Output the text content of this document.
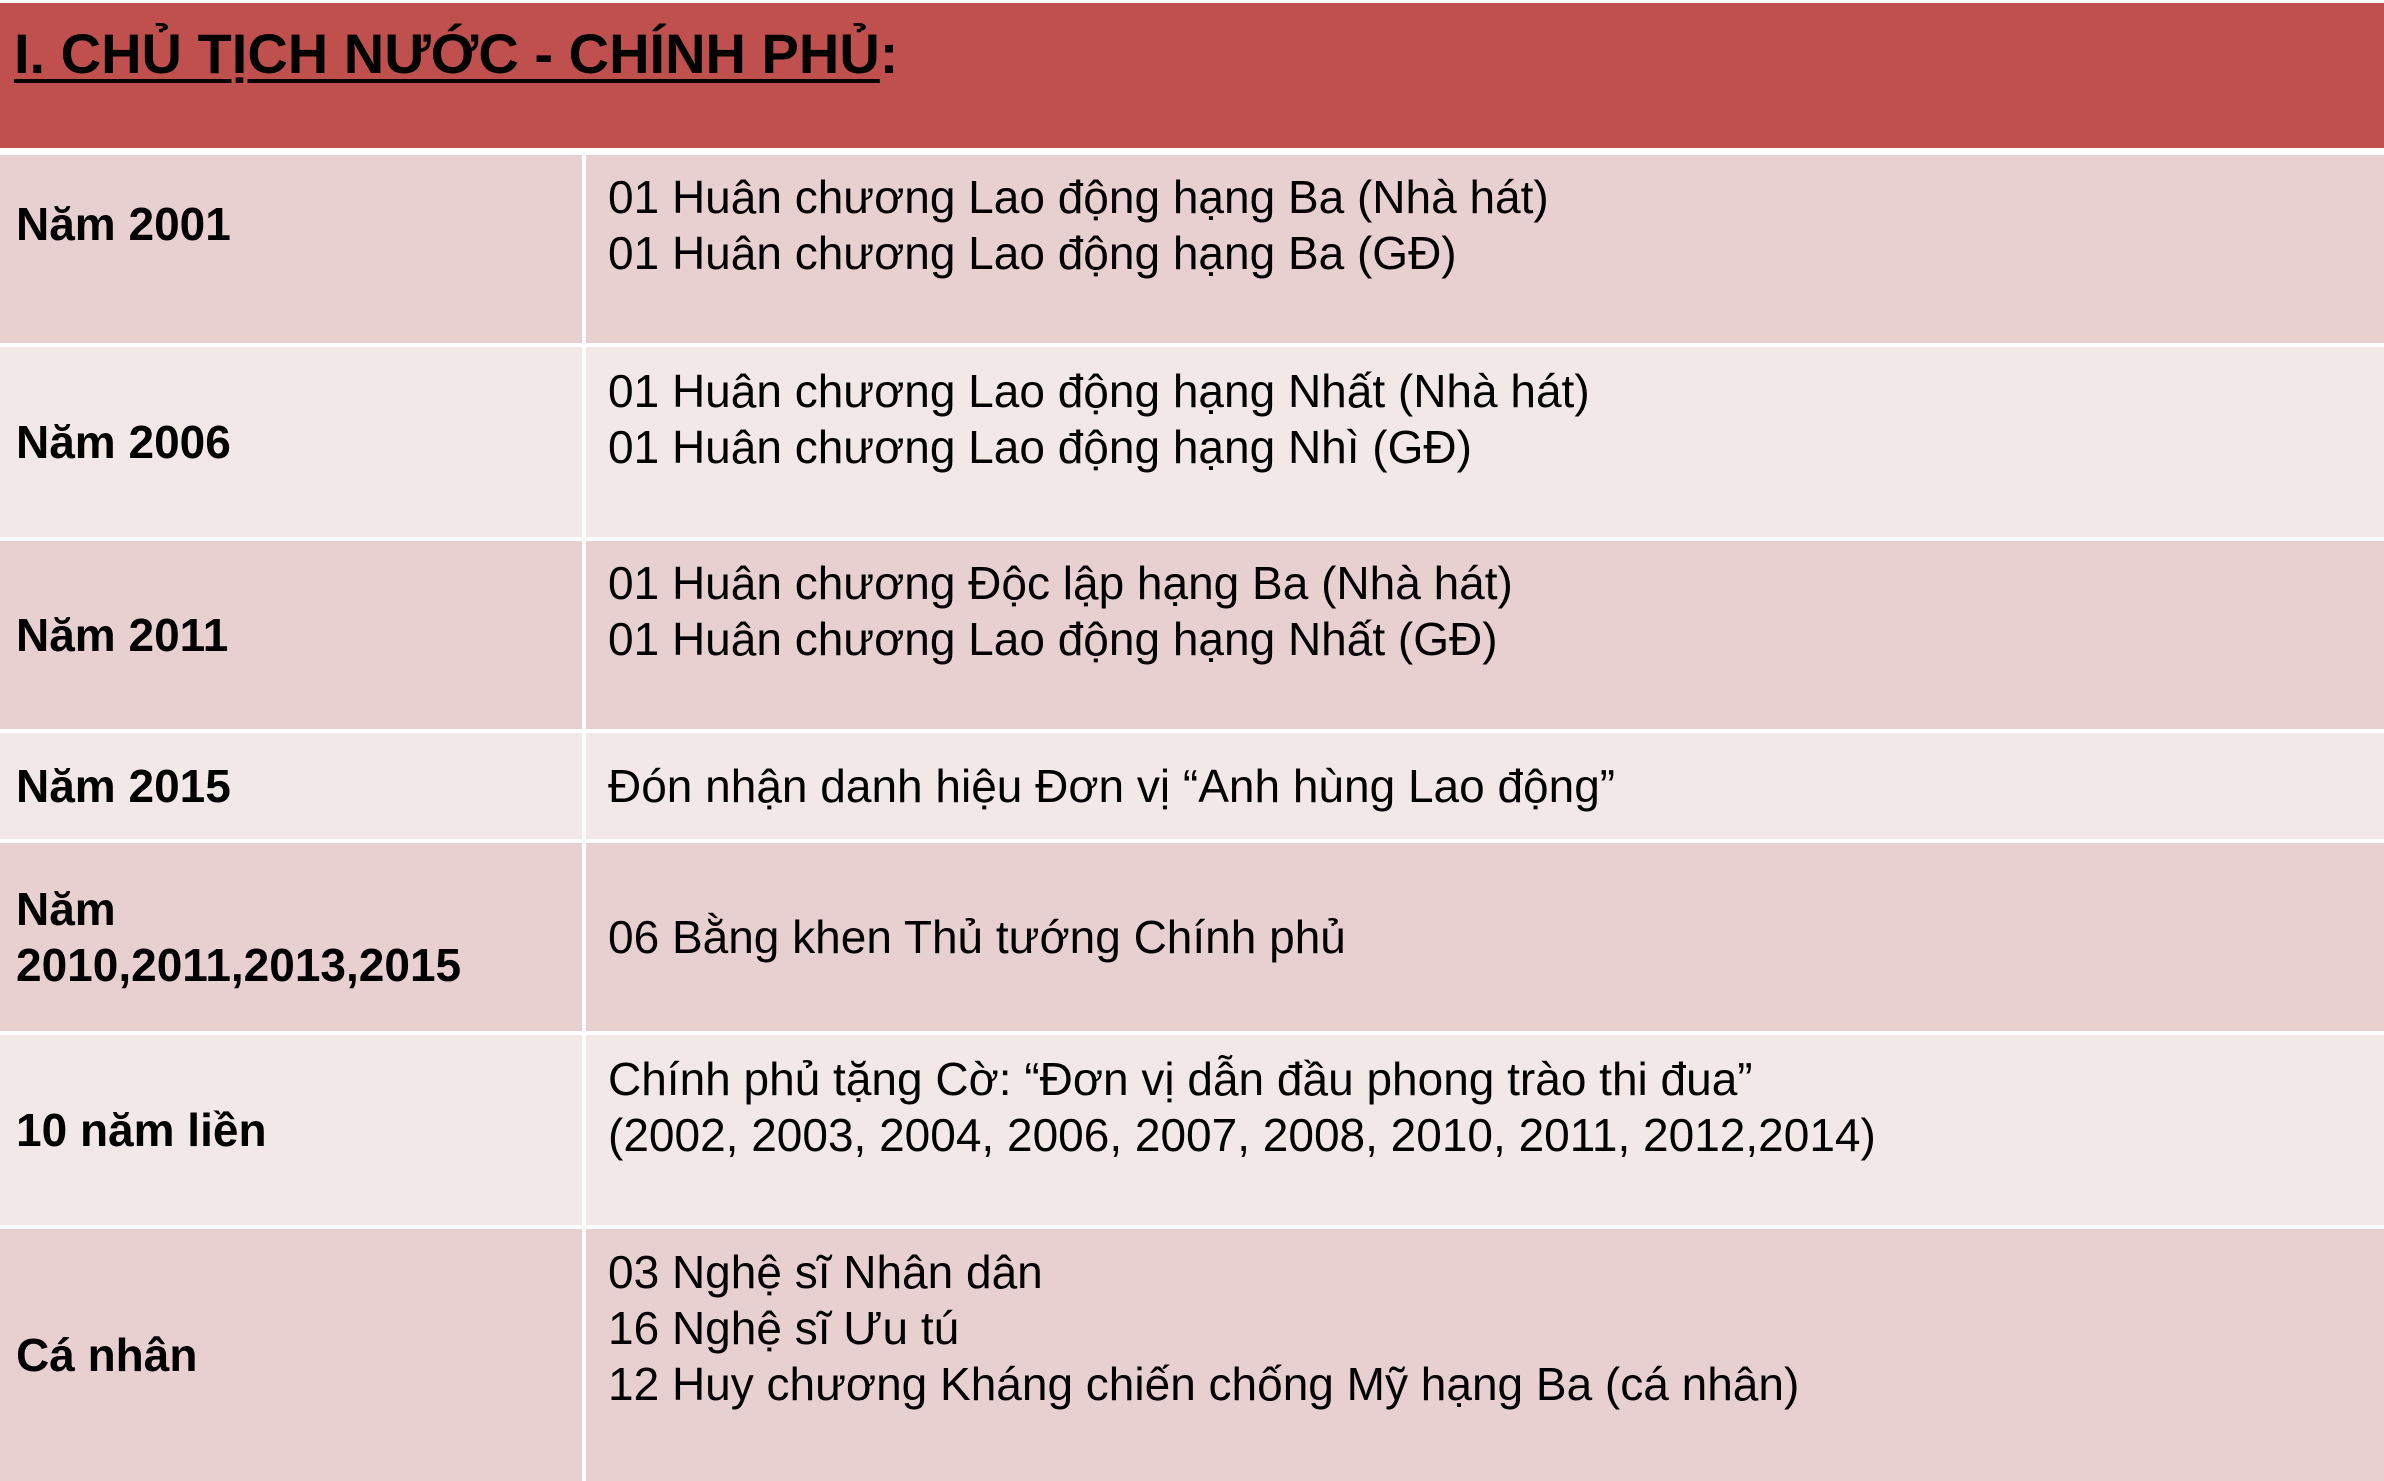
I. CHỦ TỊCH NƯỚC - CHÍNH PHỦ:
Năm 2001
01 Huân chương Lao động hạng Ba (Nhà hát)
01 Huân chương Lao động hạng Ba (GĐ)
Năm 2006
01 Huân chương Lao động hạng Nhất (Nhà hát)
01 Huân chương Lao động hạng Nhì (GĐ)
Năm 2011
01 Huân chương Độc lập hạng Ba (Nhà hát)
01 Huân chương Lao động hạng Nhất (GĐ)
Năm 2015	Đón nhận danh hiệu Đơn vị “Anh hùng Lao động”
Năm
2010,2011,2013,2015
06 Bằng khen Thủ tướng Chính phủ
10 năm liền
Chính phủ tặng Cờ: “Đơn vị dẫn đầu phong trào thi đua”
(2002, 2003, 2004, 2006, 2007, 2008, 2010, 2011, 2012,2014)
Cá nhân
03 Nghệ sĩ Nhân dân
16 Nghệ sĩ Ưu tú
12 Huy chương Kháng chiến chống Mỹ hạng Ba (cá nhân)
